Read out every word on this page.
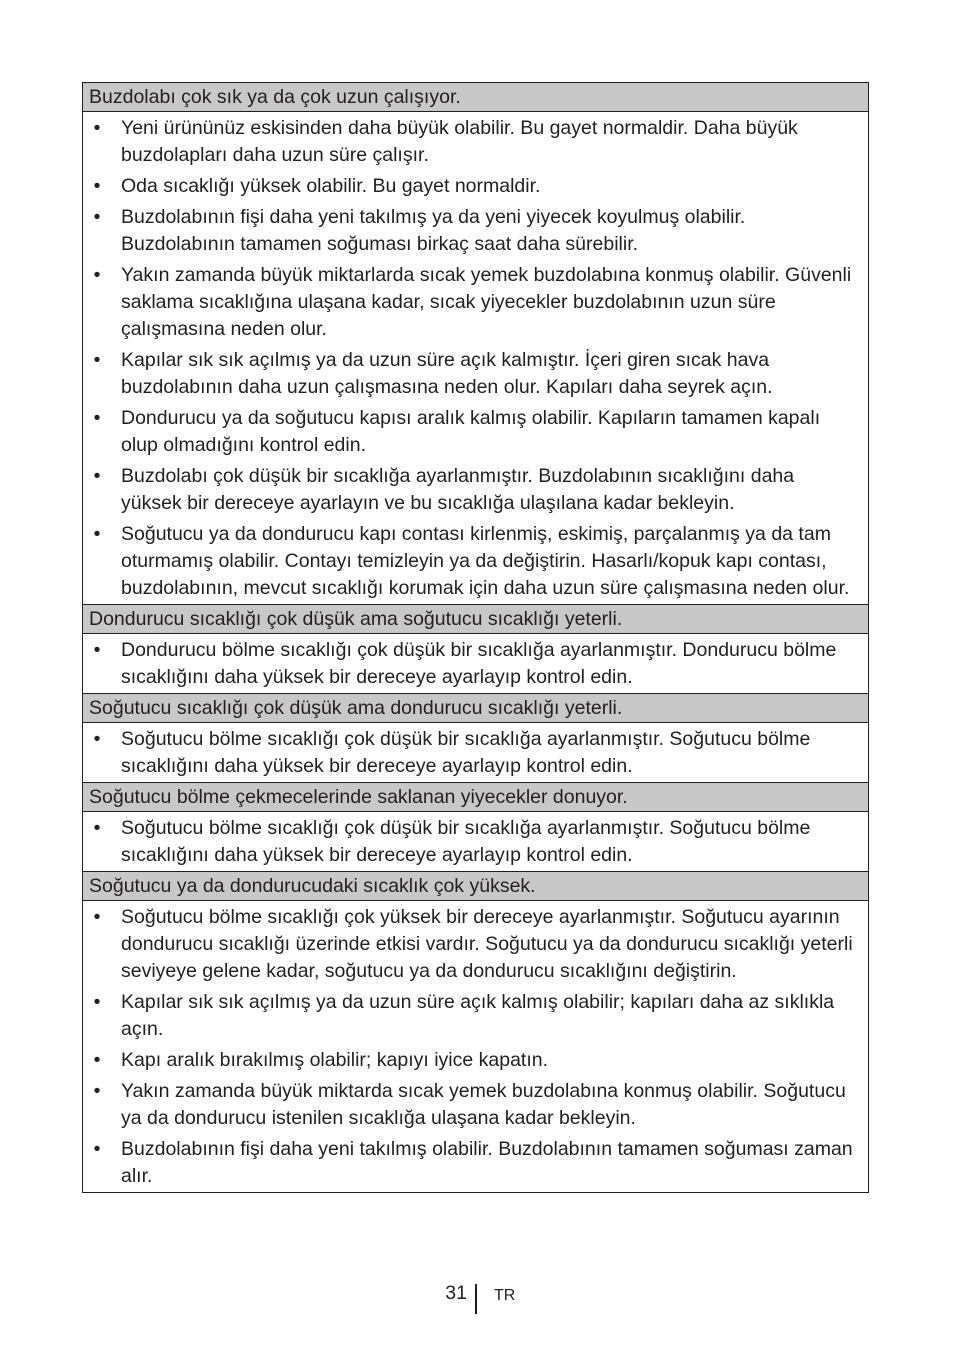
Buzdolabı çok sık ya da çok uzun çalışıyor.
• Yeni ürününüz eskisinden daha büyük olabilir. Bu gayet normaldir. Daha büyük buzdolapları daha uzun süre çalışır.
• Oda sıcaklığı yüksek olabilir. Bu gayet normaldir.
• Buzdolabının fişi daha yeni takılmış ya da yeni yiyecek koyulmuş olabilir. Buzdolabının tamamen soğuması birkaç saat daha sürebilir.
• Yakın zamanda büyük miktarlarda sıcak yemek buzdolabına konmuş olabilir. Güvenli saklama sıcaklığına ulaşana kadar, sıcak yiyecekler buzdolabının uzun süre çalışmasına neden olur.
• Kapılar sık sık açılmış ya da uzun süre açık kalmıştır. İçeri giren sıcak hava buzdolabının daha uzun çalışmasına neden olur. Kapıları daha seyrek açın.
• Dondurucu ya da soğutucu kapısı aralık kalmış olabilir. Kapıların tamamen kapalı olup olmadığını kontrol edin.
• Buzdolabı çok düşük bir sıcaklığa ayarlanmıştır. Buzdolabının sıcaklığını daha yüksek bir dereceye ayarlayın ve bu sıcaklığa ulaşılana kadar bekleyin.
• Soğutucu ya da dondurucu kapı contası kirlenmiş, eskimiş, parçalanmış ya da tam oturmamış olabilir. Contayı temizleyin ya da değiştirin. Hasarlı/kopuk kapı contası, buzdolabının, mevcut sıcaklığı korumak için daha uzun süre çalışmasına neden olur.
Dondurucu sıcaklığı çok düşük ama soğutucu sıcaklığı yeterli.
• Dondurucu bölme sıcaklığı çok düşük bir sıcaklığa ayarlanmıştır. Dondurucu bölme sıcaklığını daha yüksek bir dereceye ayarlayıp kontrol edin.
Soğutucu sıcaklığı çok düşük ama dondurucu sıcaklığı yeterli.
• Soğutucu bölme sıcaklığı çok düşük bir sıcaklığa ayarlanmıştır. Soğutucu bölme sıcaklığını daha yüksek bir dereceye ayarlayıp kontrol edin.
Soğutucu bölme çekmecelerinde saklanan yiyecekler donuyor.
• Soğutucu bölme sıcaklığı çok düşük bir sıcaklığa ayarlanmıştır. Soğutucu bölme sıcaklığını daha yüksek bir dereceye ayarlayıp kontrol edin.
Soğutucu ya da dondurucudaki sıcaklık çok yüksek.
• Soğutucu bölme sıcaklığı çok yüksek bir dereceye ayarlanmıştır. Soğutucu ayarının dondurucu sıcaklığı üzerinde etkisi vardır. Soğutucu ya da dondurucu sıcaklığı yeterli seviyeye gelene kadar, soğutucu ya da dondurucu sıcaklığını değiştirin.
• Kapılar sık sık açılmış ya da uzun süre açık kalmış olabilir; kapıları daha az sıklıkla açın.
• Kapı aralık bırakılmış olabilir; kapıyı iyice kapatın.
• Yakın zamanda büyük miktarda sıcak yemek buzdolabına konmuş olabilir. Soğutucu ya da dondurucu istenilen sıcaklığa ulaşana kadar bekleyin.
• Buzdolabının fişi daha yeni takılmış olabilir. Buzdolabının tamamen soğuması zaman alır.
31 TR
